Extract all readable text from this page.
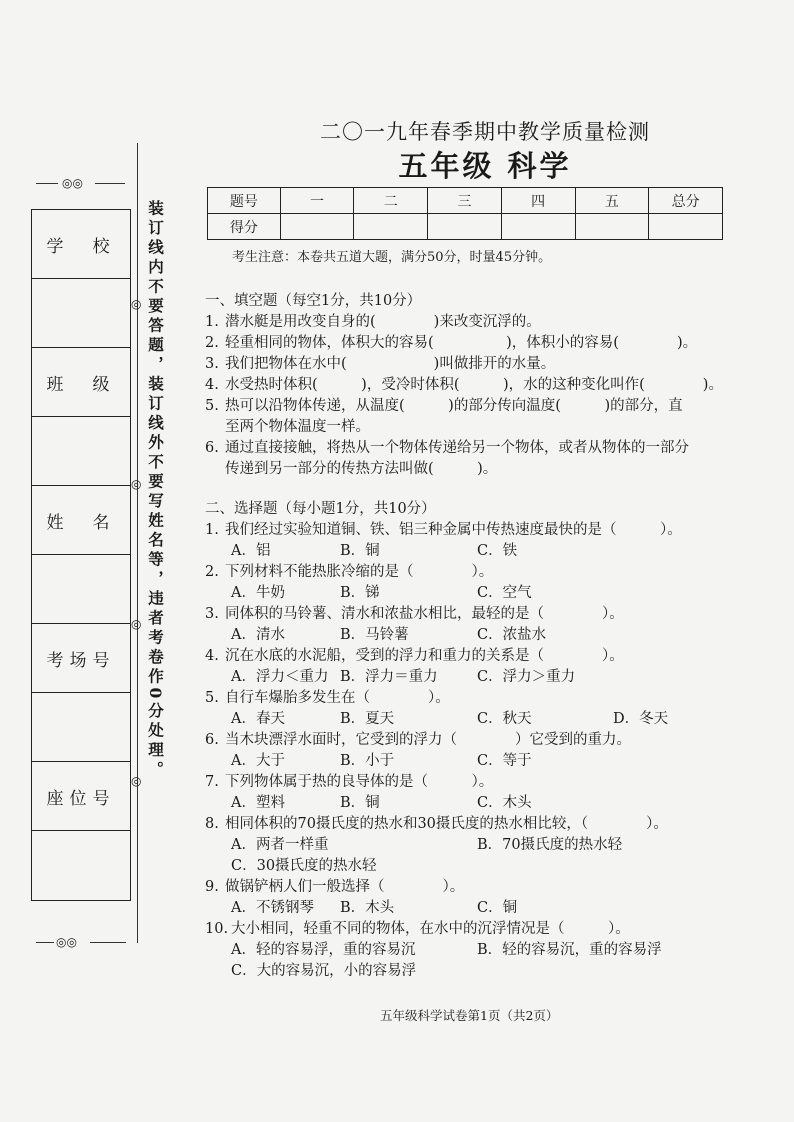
◎◎
学　校
班　级
姓　名
考场号
座位号
◎◎
◎
◎
◎
◎
装订线内不要答题，装订线外不要写姓名等，违者考卷作0分处理。
二〇一九年春季期中教学质量检测
五年级 科学
题号	一	二	三	四	五	总分
得分						
考生注意：本卷共五道大题，满分50分，时量45分钟。
一、填空题（每空1分，共10分）
1. 潜水艇是用改变自身的(　　　　)来改变沉浮的。
2. 轻重相同的物体，体积大的容易(　　　　　)，体积小的容易(　　　　)。
3. 我们把物体在水中(　　　　　　)叫做排开的水量。
4. 水受热时体积(　　　)，受冷时体积(　　　)，水的这种变化叫作(　　　　)。
5. 热可以沿物体传递，从温度(　　　)的部分传向温度(　　　)的部分，直
至两个物体温度一样。
6. 通过直接接触，将热从一个物体传递给另一个物体，或者从物体的一部分
传递到另一部分的传热方法叫做(　　　)。
二、选择题（每小题1分，共10分）
1. 我们经过实验知道铜、铁、铝三种金属中传热速度最快的是（　　　）。
A．铝	B．铜	C．铁
2. 下列材料不能热胀冷缩的是（　　　　）。
A．牛奶	B．锑	C．空气
3. 同体积的马铃薯、清水和浓盐水相比，最轻的是（　　　　）。
A．清水	B．马铃薯	C．浓盐水
4. 沉在水底的水泥船，受到的浮力和重力的关系是（　　　　）。
A．浮力＜重力 B．浮力＝重力	C．浮力＞重力
5. 自行车爆胎多发生在（　　　　）。
A．春天	B．夏天	C．秋天	D．冬天
6. 当木块漂浮水面时，它受到的浮力（　　　　）它受到的重力。
A．大于	B．小于	C．等于
7. 下列物体属于热的良导体的是（　　　）。
A．塑料	B．铜	C．木头
8. 相同体积的70摄氏度的热水和30摄氏度的热水相比较，（　　　　）。
A．两者一样重	B．70摄氏度的热水轻
C．30摄氏度的热水轻
9. 做锅铲柄人们一般选择（　　　　）。
A．不锈钢琴 B．木头	C．铜
10. 大小相同，轻重不同的物体，在水中的沉浮情况是（　　　）。
A．轻的容易浮，重的容易沉	B．轻的容易沉，重的容易浮
C．大的容易沉，小的容易浮
五年级科学试卷第1页（共2页）
